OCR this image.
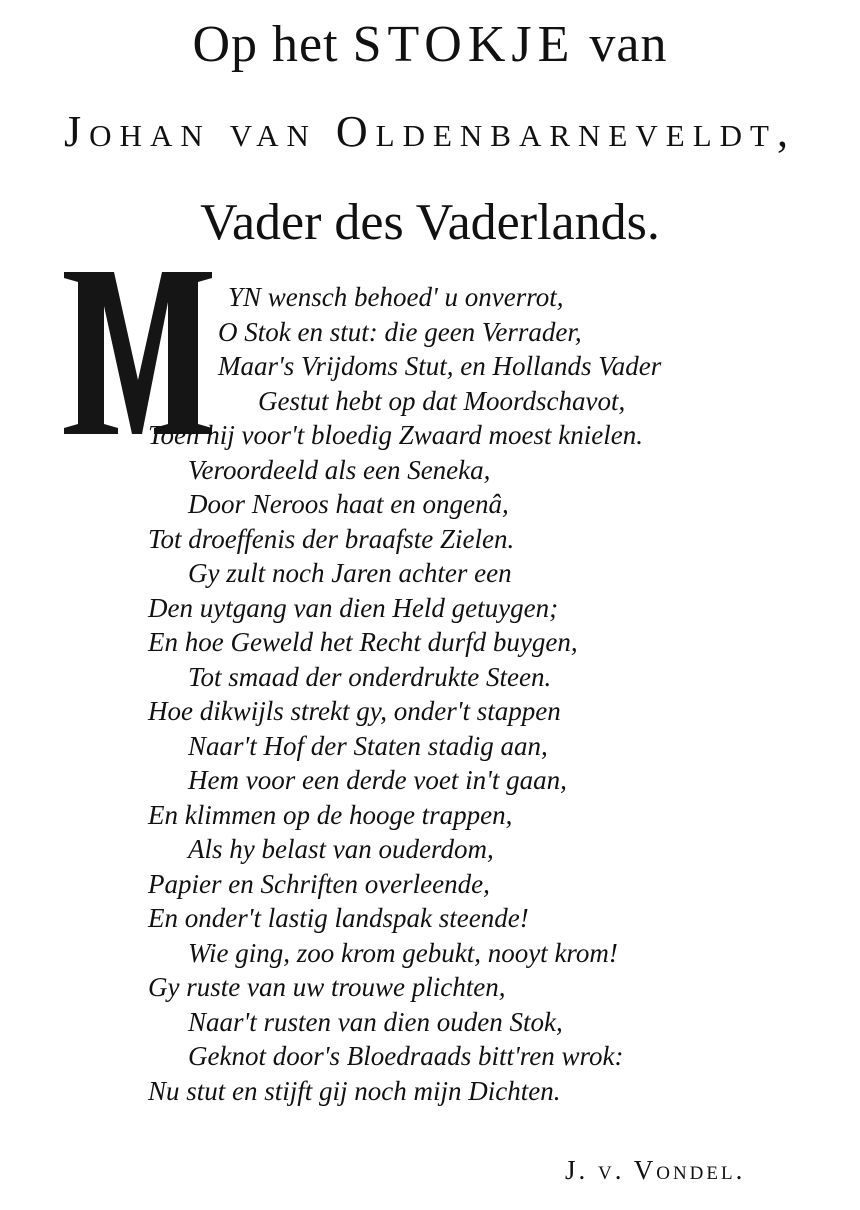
Op het STOKJE van
Johan van Oldenbarneveldt,
Vader des Vaderlands.
YN wensch behoed' u onverrot,
O Stok en stut: die geen Verrader,
Maar's Vrijdoms Stut, en Hollands Vader
Gestut hebt op dat Moordschavot,
Toen hij voor't bloedig Zwaard moest knielen.
Veroordeeld als een Seneka,
Door Neroos haat en ongenâ,
Tot droeffenis der braafste Zielen.
Gy zult noch Jaren achter een
Den uytgang van dien Held getuygen;
En hoe Geweld het Recht durfd buygen,
Tot smaad der onderdrukte Steen.
Hoe dikwijls strekt gy, onder't stappen
Naar't Hof der Staten stadig aan,
Hem voor een derde voet in't gaan,
En klimmen op de hooge trappen,
Als hy belast van ouderdom,
Papier en Schriften overleende,
En onder't lastig landspak steende!
Wie ging, zoo krom gebukt, nooyt krom!
Gy ruste van uw trouwe plichten,
Naar't rusten van dien ouden Stok,
Geknot door's Bloedraads bitt'ren wrok:
Nu stut en stijft gij noch mijn Dichten.
J. v. Vondel.
